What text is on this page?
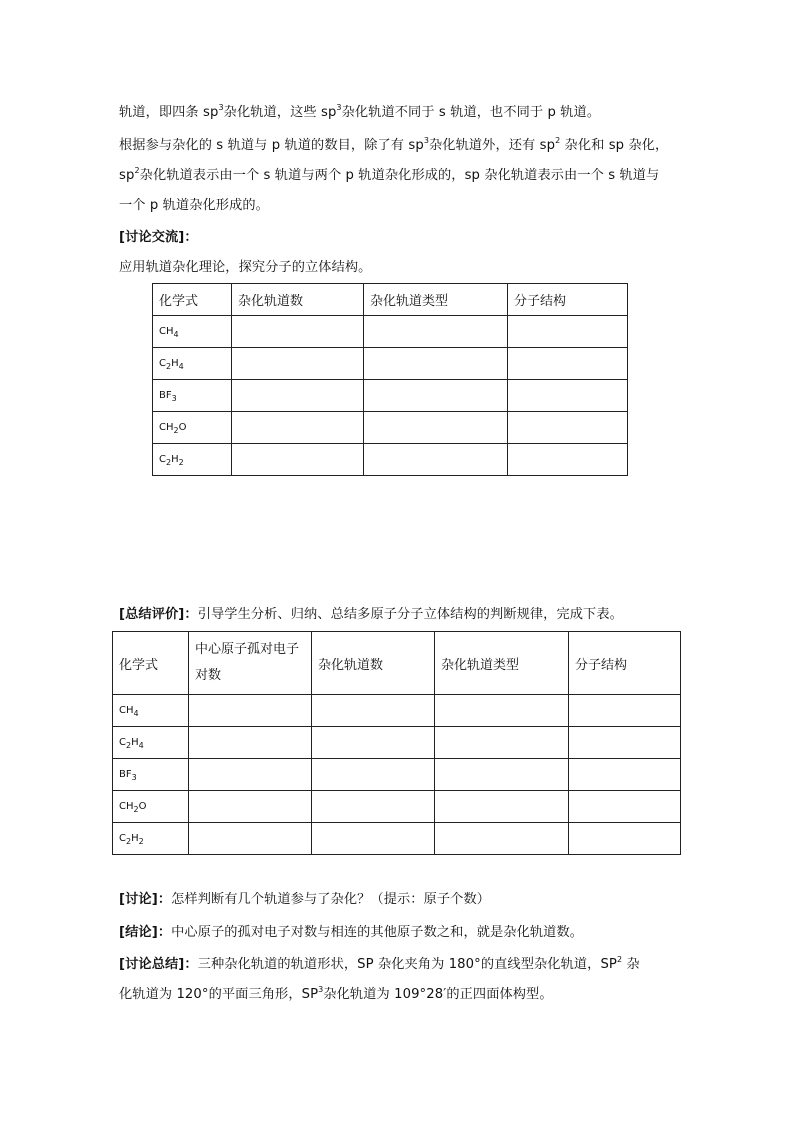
轨道，即四条 $sp^3$杂化轨道，这些 $sp^3$杂化轨道不同于 s 轨道，也不同于 p 轨道。
根据参与杂化的 s 轨道与 p 轨道的数目，除了有 $sp^3$杂化轨道外，还有 $sp^2$ 杂化和 sp 杂化，
$sp^2$杂化轨道表示由一个 s 轨道与两个 p 轨道杂化形成的，sp 杂化轨道表示由一个 s 轨道与
一个 p 轨道杂化形成的。
[讨论交流]：
应用轨道杂化理论，探究分子的立体结构。
化学式	杂化轨道数	杂化轨道类型	分子结构
$CH_4$			
$C_2H_4$			
$BF_3$			
$CH_2O$			
$C_2H_2$			
[总结评价]：引导学生分析、归纳、总结多原子分子立体结构的判断规律，完成下表。
化学式	中心原子孤对电子对数	杂化轨道数	杂化轨道类型	分子结构
$CH_4$				
$C_2H_4$				
$BF_3$				
$CH_2O$				
$C_2H_2$				
[讨论]：怎样判断有几个轨道参与了杂化？（提示：原子个数）
[结论]：中心原子的孤对电子对数与相连的其他原子数之和，就是杂化轨道数。
[讨论总结]：三种杂化轨道的轨道形状，SP 杂化夹角为 180°的直线型杂化轨道，$SP^2$ 杂
化轨道为 120°的平面三角形，$SP^3$杂化轨道为 109°28′的正四面体构型。
